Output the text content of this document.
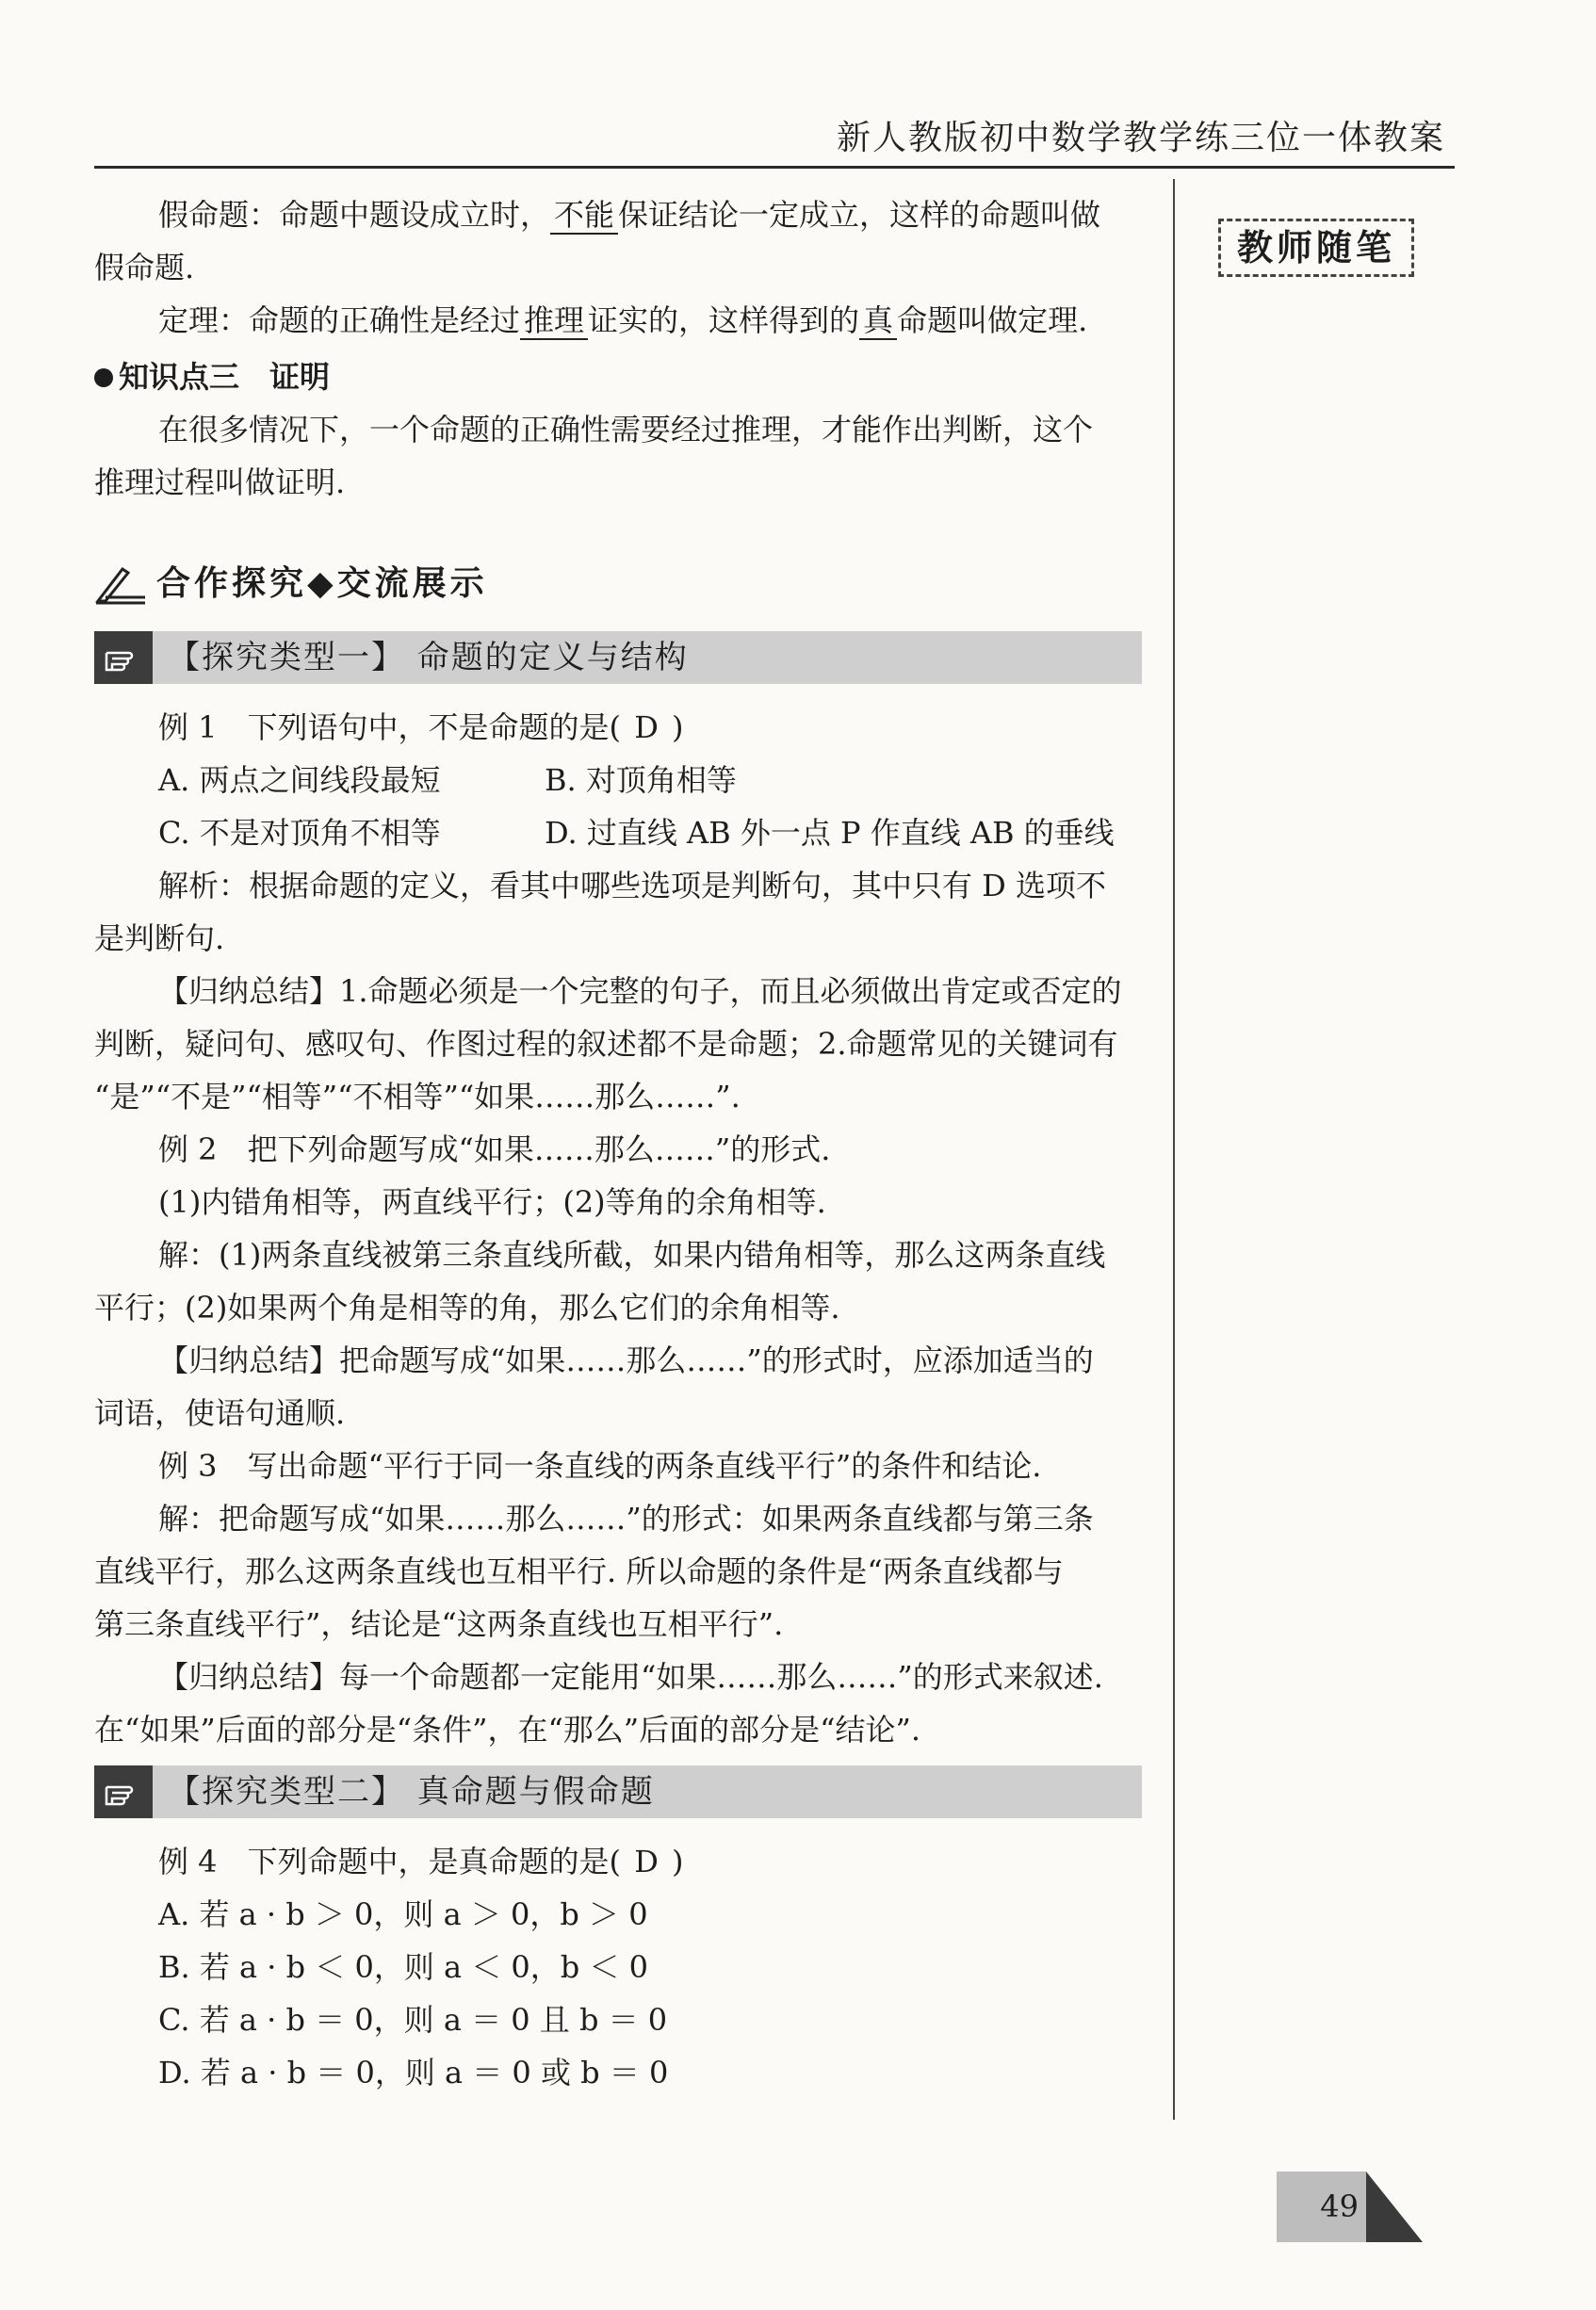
新人教版初中数学教学练三位一体教案
教师随笔

假命题：命题中题设成立时， 不能 保证结论一定成立，这样的命题叫做

假命题.

定理：命题的正确性是经过 推理 证实的，这样得到的 真 命题叫做定理.

知识点三　证明

在很多情况下，一个命题的正确性需要经过推理，才能作出判断，这个

推理过程叫做证明.

合作探究◆交流展示
【探究类型一】 命题的定义与结构

例 1　下列语句中，不是命题的是( D )

A. 两点之间线段最短	B. 对顶角相等
C. 不是对顶角不相等	D. 过直线 AB 外一点 P 作直线 AB 的垂线

解析：根据命题的定义，看其中哪些选项是判断句，其中只有 D 选项不

是判断句.

【归纳总结】1.命题必须是一个完整的句子，而且必须做出肯定或否定的

判断，疑问句、感叹句、作图过程的叙述都不是命题；2.命题常见的关键词有

“是”“不是”“相等”“不相等”“如果……那么……”.

例 2　把下列命题写成“如果……那么……”的形式.

(1)内错角相等，两直线平行；(2)等角的余角相等.

解：(1)两条直线被第三条直线所截，如果内错角相等，那么这两条直线

平行；(2)如果两个角是相等的角，那么它们的余角相等.

【归纳总结】把命题写成“如果……那么……”的形式时，应添加适当的

词语，使语句通顺.

例 3　写出命题“平行于同一条直线的两条直线平行”的条件和结论.

解：把命题写成“如果……那么……”的形式：如果两条直线都与第三条

直线平行，那么这两条直线也互相平行. 所以命题的条件是“两条直线都与

第三条直线平行”，结论是“这两条直线也互相平行”.

【归纳总结】每一个命题都一定能用“如果……那么……”的形式来叙述.

在“如果”后面的部分是“条件”，在“那么”后面的部分是“结论”.

【探究类型二】 真命题与假命题

例 4　下列命题中，是真命题的是( D )

A. 若 a · b ＞ 0，则 a ＞ 0，b ＞ 0

B. 若 a · b ＜ 0，则 a ＜ 0，b ＜ 0

C. 若 a · b ＝ 0，则 a ＝ 0 且 b ＝ 0

D. 若 a · b ＝ 0，则 a ＝ 0 或 b ＝ 0

49
